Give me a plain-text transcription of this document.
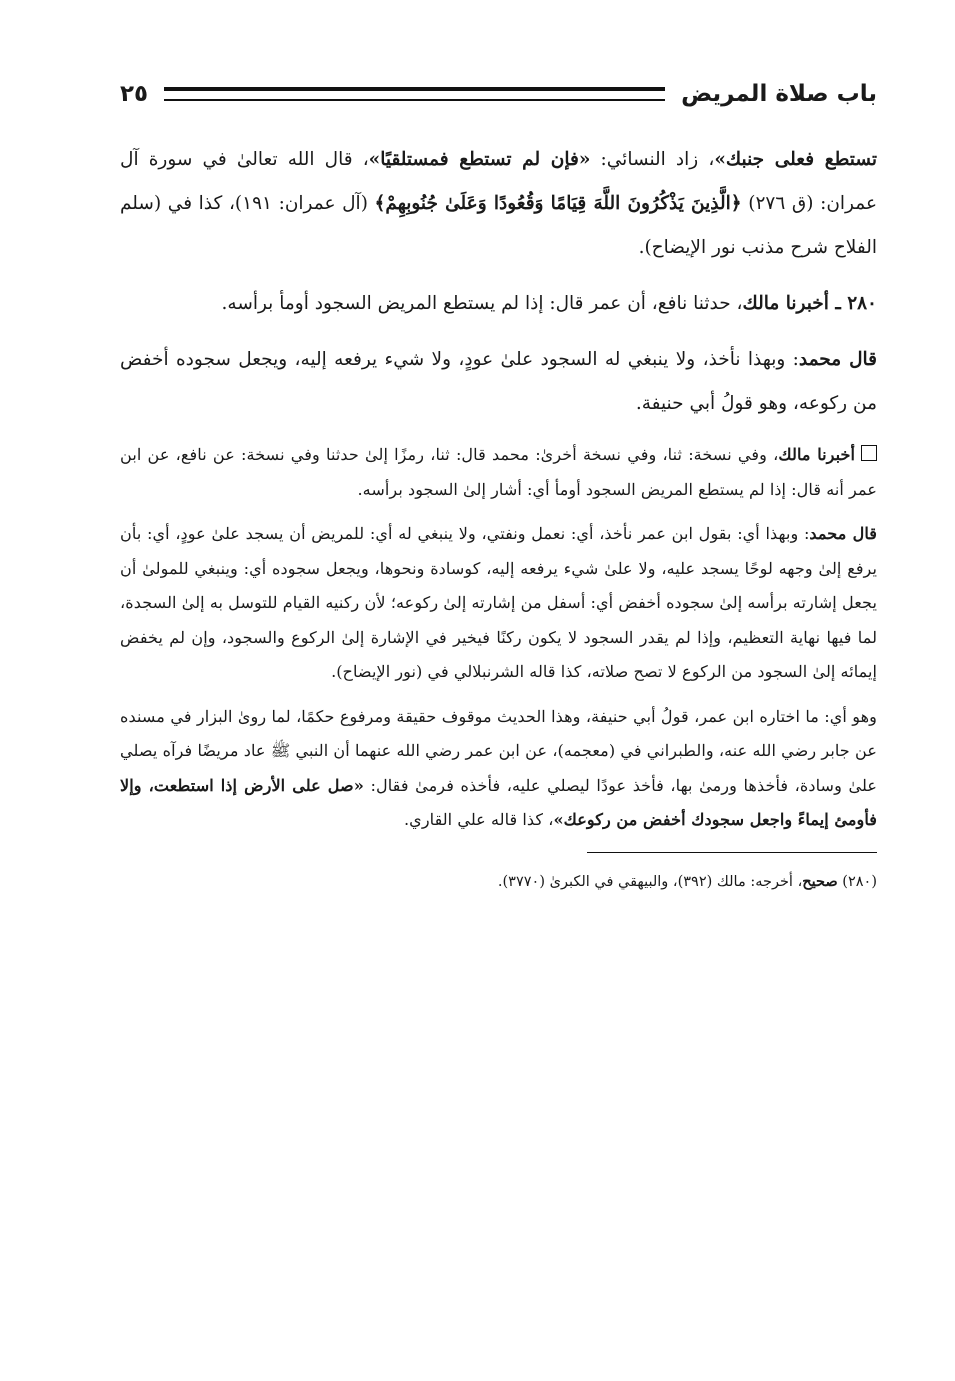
باب صلاة المريض
٢٥

تستطع فعلى جنبك»، زاد النسائي: «فإن لم تستطع فمستلقيًا»، قال الله تعالىٰ في سورة آل عمران: (ق ٢٧٦) ﴿الَّذِينَ يَذْكُرُونَ اللَّهَ قِيَامًا وَقُعُودًا وَعَلَىٰ جُنُوبِهِمْ﴾ (آل عمران: ١٩١)، كذا في (سلم الفلاح شرح مذنب نور الإيضاح).

٢٨٠ ـ أخبرنا مالك، حدثنا نافع، أن عمر قال: إذا لم يستطع المريض السجود أومأ برأسه.

قال محمد: وبهذا نأخذ، ولا ينبغي له السجود علىٰ عودٍ، ولا شيء يرفعه إليه، ويجعل سجوده أخفض من ركوعه، وهو قولُ أبي حنيفة.

أخبرنا مالك، وفي نسخة: ثنا، وفي نسخة أخرىٰ: محمد قال: ثنا، رمزًا إلىٰ حدثنا وفي نسخة: عن نافع، عن ابن عمر أنه قال: إذا لم يستطع المريض السجود أومأ أي: أشار إلىٰ السجود برأسه.

قال محمد: وبهذا أي: بقول ابن عمر نأخذ، أي: نعمل ونفتي، ولا ينبغي له أي: للمريض أن يسجد علىٰ عودٍ، أي: بأن يرفع إلىٰ وجهه لوحًا يسجد عليه، ولا علىٰ شيء يرفعه إليه، كوسادة ونحوها، ويجعل سجوده أي: وينبغي للمولىٰ أن يجعل إشارته برأسه إلىٰ سجوده أخفض أي: أسفل من إشارته إلىٰ ركوعه؛ لأن ركنيه القيام للتوسل به إلىٰ السجدة، لما فيها نهاية التعظيم، وإذا لم يقدر السجود لا يكون ركنًا فيخير في الإشارة إلىٰ الركوع والسجود، وإن لم يخفض إيمائه إلىٰ السجود من الركوع لا تصح صلاته، كذا قاله الشرنبلالي في (نور الإيضاح).

وهو أي: ما اختاره ابن عمر، قولُ أبي حنيفة، وهذا الحديث موقوف حقيقة ومرفوع حكمًا، لما روىٰ البزار في مسنده عن جابر رضي الله عنه، والطبراني في (معجمه)، عن ابن عمر رضي الله عنهما أن النبي ﷺ عاد مريضًا فرآه يصلي علىٰ وسادة، فأخذها ورمىٰ بها، فأخذ عودًا ليصلي عليه، فأخذه فرمىٰ فقال: «صل على الأرض إذا استطعت، وإلا فأومئ إيماءً واجعل سجودك أخفض من ركوعك»، كذا قاله علي القاري.

(٢٨٠) صحيح، أخرجه: مالك (٣٩٢)، والبيهقي في الكبرىٰ (٣٧٧٠).
